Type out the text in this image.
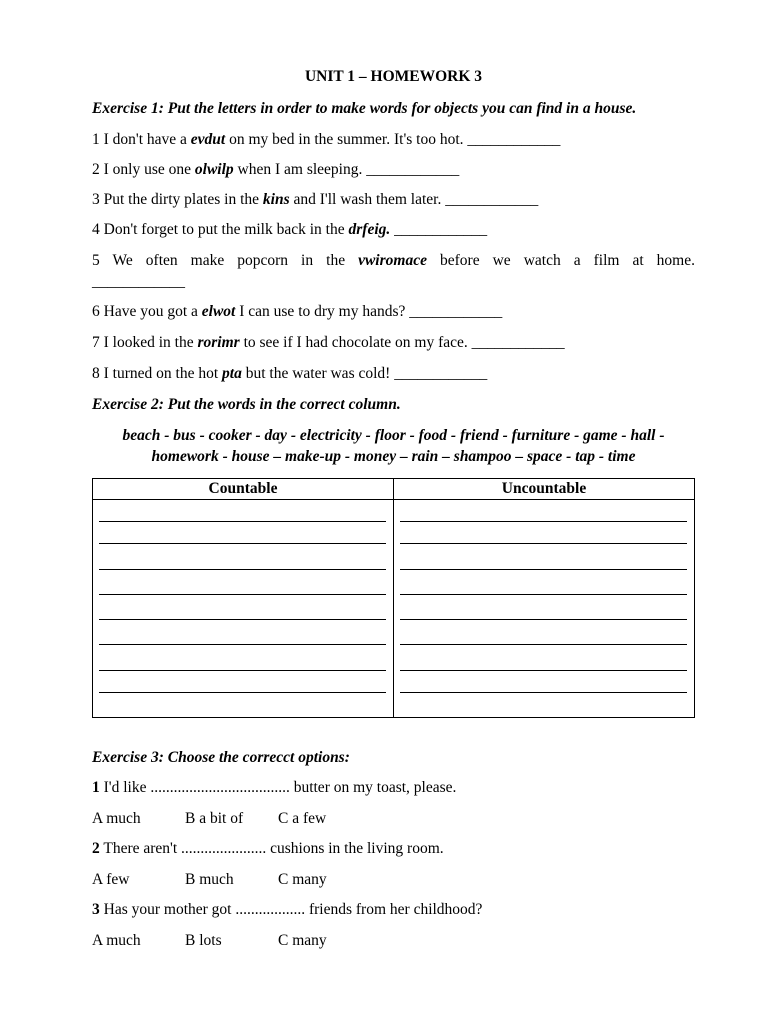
UNIT 1 – HOMEWORK 3
Exercise 1: Put the letters in order to make words for objects you can find in a house.
1 I don't have a evdut on my bed in the summer. It's too hot. ____________
2 I only use one olwilp when I am sleeping. ____________
3 Put the dirty plates in the kins and I'll wash them later. ____________
4 Don't forget to put the milk back in the drfeig. ____________
5 We often make popcorn in the vwiromace before we watch a film at home.
____________
6 Have you got a elwot I can use to dry my hands? ____________
7 I looked in the rorimr to see if I had chocolate on my face. ____________
8 I turned on the hot pta but the water was cold! ____________
Exercise 2: Put the words in the correct column.
beach - bus - cooker - day - electricity - floor - food - friend - furniture - game - hall -
homework - house – make-up - money – rain – shampoo – space - tap - time
Countable	Uncountable

Exercise 3: Choose the correcct options:
1 I'd like .................................... butter on my toast, please.
A much	B a bit of C a few
2 There aren't ...................... cushions in the living room.
A few	B much	C many
3 Has your mother got .................. friends from her childhood?
A much	B lots	C many
